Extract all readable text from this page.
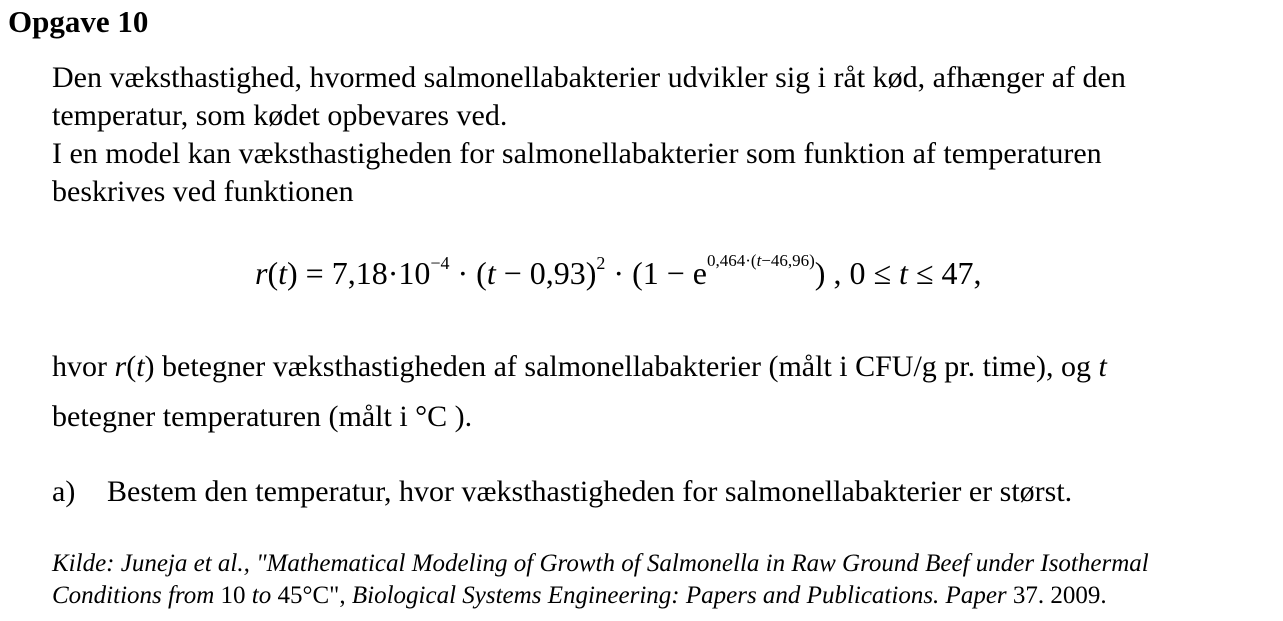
Opgave 10
Den væksthastighed, hvormed salmonellabakterier udvikler sig i råt kød, afhænger af den
temperatur, som kødet opbevares ved.
I en model kan væksthastigheden for salmonellabakterier som funktion af temperaturen
beskrives ved funktionen
$r(t) = 7,18\cdot 10^{-4} \cdot (t - 0,93)^2 \cdot (1 - e^{0,464\cdot(t-46,96)})$ , 0 ≤ t ≤ 47,
hvor r(t) betegner væksthastigheden af salmonellabakterier (målt i CFU/g pr. time), og t
betegner temperaturen (målt i °C ).
a) Bestem den temperatur, hvor væksthastigheden for salmonellabakterier er størst.
Kilde: Juneja et al., "Mathematical Modeling of Growth of Salmonella in Raw Ground Beef under Isothermal
Conditions from 10 to 45°C", Biological Systems Engineering: Papers and Publications. Paper 37. 2009.
